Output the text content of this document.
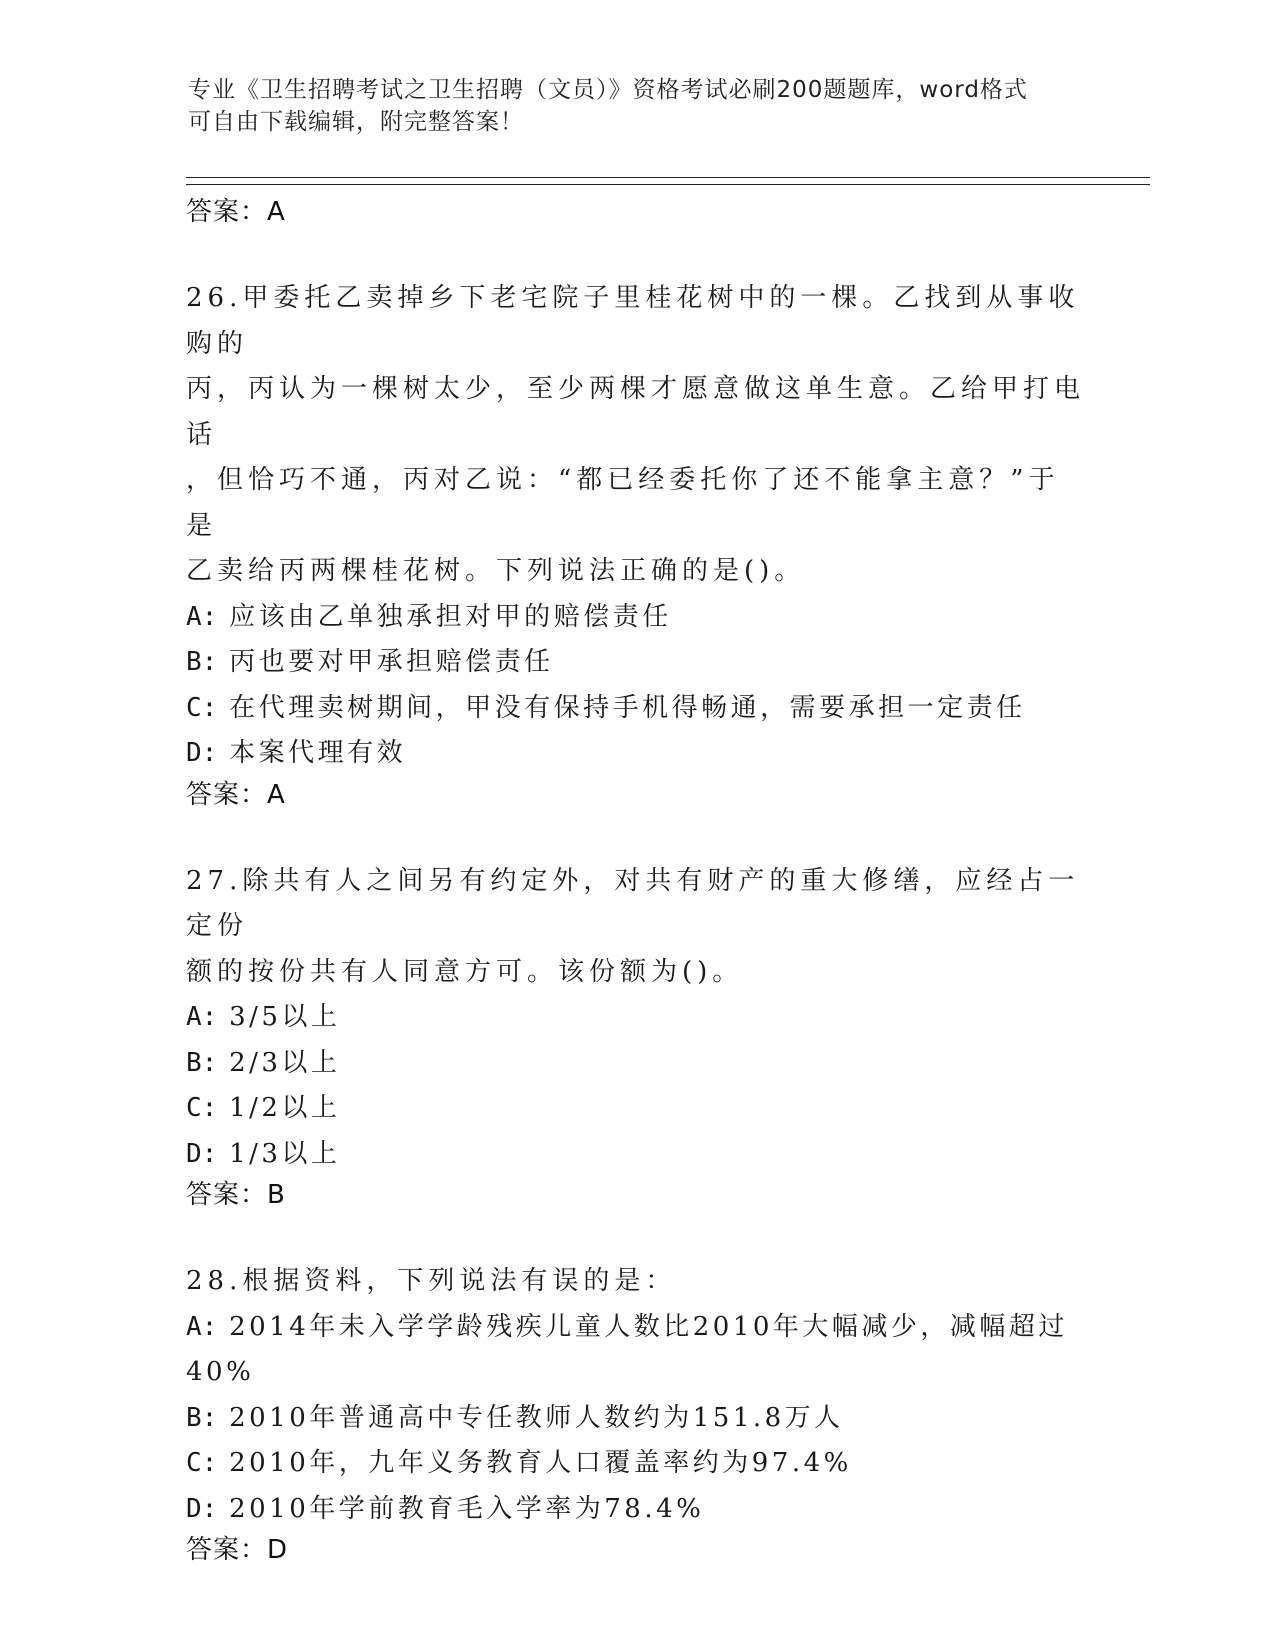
专业《卫生招聘考试之卫生招聘（文员）》资格考试必刷200题题库，word格式
可自由下载编辑，附完整答案！
答案：A
26.甲委托乙卖掉乡下老宅院子里桂花树中的一棵。乙找到从事收购的
丙，丙认为一棵树太少，至少两棵才愿意做这单生意。乙给甲打电话
，但恰巧不通，丙对乙说：“都已经委托你了还不能拿主意？”于是
乙卖给丙两棵桂花树。下列说法正确的是()。
A: 应该由乙单独承担对甲的赔偿责任
B: 丙也要对甲承担赔偿责任
C: 在代理卖树期间，甲没有保持手机得畅通，需要承担一定责任
D: 本案代理有效
答案：A
27.除共有人之间另有约定外，对共有财产的重大修缮，应经占一定份
额的按份共有人同意方可。该份额为()。
A: 3/5以上
B: 2/3以上
C: 1/2以上
D: 1/3以上
答案：B
28.根据资料，下列说法有误的是：
A: 2014年未入学学龄残疾儿童人数比2010年大幅减少，减幅超过
40%
B: 2010年普通高中专任教师人数约为151.8万人
C: 2010年，九年义务教育人口覆盖率约为97.4%
D: 2010年学前教育毛入学率为78.4%
答案：D
